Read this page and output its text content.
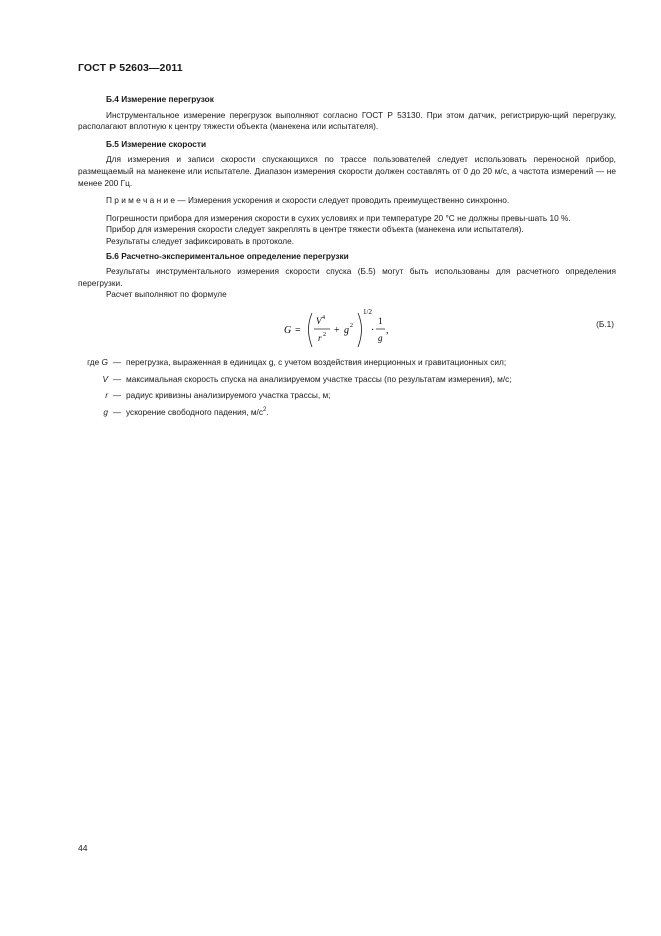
ГОСТ Р 52603—2011
Б.4 Измерение перегрузок

Инструментальное измерение перегрузок выполняют согласно ГОСТ Р 53130. При этом датчик, регистрирую-щий перегрузку, располагают вплотную к центру тяжести объекта (манекена или испытателя).

Б.5 Измерение скорости

Для измерения и записи скорости спускающихся по трассе пользователей следует использовать переносной прибор, размещаемый на манекене или испытателе. Диапазон измерения скорости должен составлять от 0 до 20 м/с, а частота измерений — не менее 200 Гц.

П р и м е ч а н и е — Измерения ускорения и скорости следует проводить преимущественно синхронно.

Погрешности прибора для измерения скорости в сухих условиях и при температуре 20 °С не должны превы-шать 10 %.

Прибор для измерения скорости следует закреплять в центре тяжести объекта (манекена или испытателя).

Результаты следует зафиксировать в протоколе.

Б.6 Расчетно-экспериментальное определение перегрузки

Результаты инструментального измерения скорости спуска (Б.5) могут быть использованы для расчетного определения перегрузки.

Расчет выполняют по формуле

G =
V 4
r 2 + g 2
1/2
·
1
g
,
(Б.1)
где G — перегрузка, выраженная в единицах g, с учетом воздействия инерционных и гравитационных сил;
V — максимальная скорость спуска на анализируемом участке трассы (по результатам измерения), м/с;
r — радиус кривизны анализируемого участка трассы, м;
g — ускорение свободного падения, $м/с^2$.
44
